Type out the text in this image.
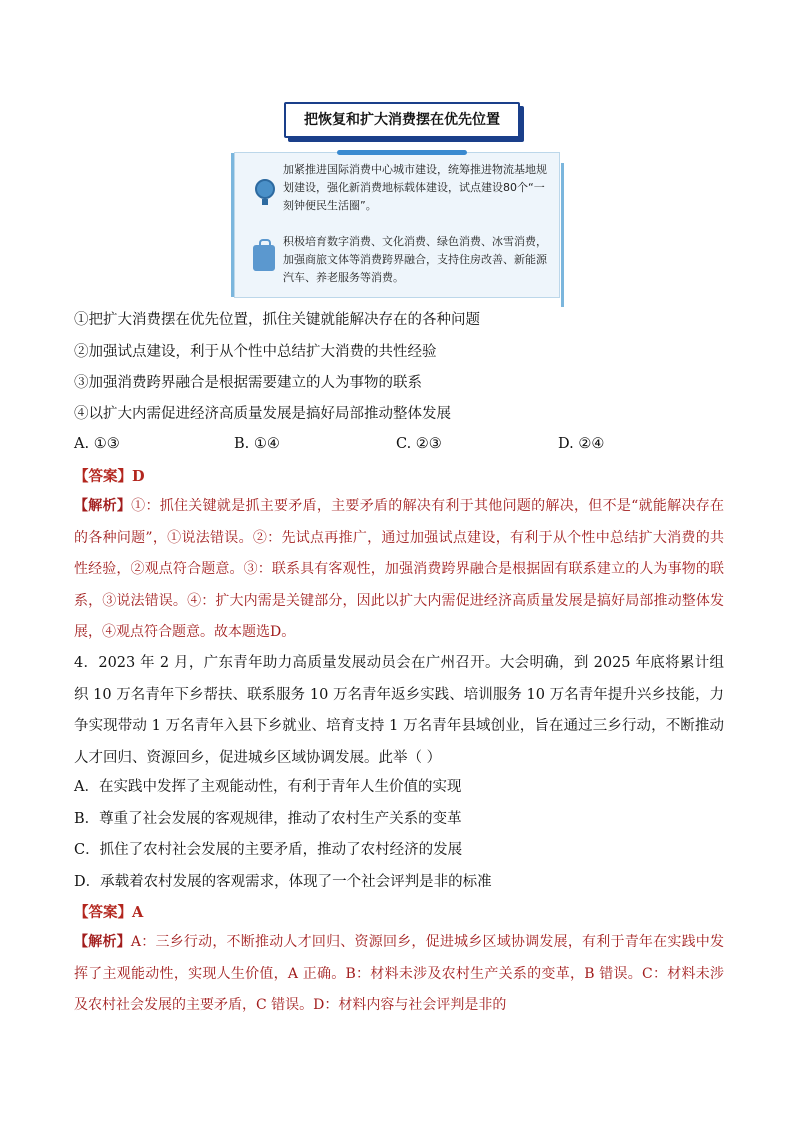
把恢复和扩大消费摆在优先位置
加紧推进国际消费中心城市建设，统筹推进物流基地规划建设，强化新消费地标载体建设，试点建设80个“一刻钟便民生活圈”。
积极培育数字消费、文化消费、绿色消费、冰雪消费，加强商旅文体等消费跨界融合，支持住房改善、新能源汽车、养老服务等消费。
①把扩大消费摆在优先位置，抓住关键就能解决存在的各种问题
②加强试点建设，利于从个性中总结扩大消费的共性经验
③加强消费跨界融合是根据需要建立的人为事物的联系
④以扩大内需促进经济高质量发展是搞好局部推动整体发展
A. ①③	B. ①④	C. ②③	D. ②④
【答案】D
【解析】①：抓住关键就是抓主要矛盾，主要矛盾的解决有利于其他问题的解决，但不是“就能解决存在的各种问题”，①说法错误。②：先试点再推广，通过加强试点建设，有利于从个性中总结扩大消费的共性经验，②观点符合题意。③：联系具有客观性，加强消费跨界融合是根据固有联系建立的人为事物的联系，③说法错误。④：扩大内需是关键部分，因此以扩大内需促进经济高质量发展是搞好局部推动整体发展，④观点符合题意。故本题选D。
4．2023 年 2 月，广东青年助力高质量发展动员会在广州召开。大会明确，到 2025 年底将累计组织 10 万名青年下乡帮扶、联系服务 10 万名青年返乡实践、培训服务 10 万名青年提升兴乡技能，力争实现带动 1 万名青年入县下乡就业、培育支持 1 万名青年县域创业，旨在通过三乡行动，不断推动人才回归、资源回乡，促进城乡区域协调发展。此举（ ）
A．在实践中发挥了主观能动性，有利于青年人生价值的实现
B．尊重了社会发展的客观规律，推动了农村生产关系的变革
C．抓住了农村社会发展的主要矛盾，推动了农村经济的发展
D．承载着农村发展的客观需求，体现了一个社会评判是非的标准
【答案】A
【解析】A：三乡行动，不断推动人才回归、资源回乡，促进城乡区域协调发展，有利于青年在实践中发挥了主观能动性，实现人生价值，A 正确。B：材料未涉及农村生产关系的变革，B 错误。C：材料未涉及农村社会发展的主要矛盾，C 错误。D：材料内容与社会评判是非的
